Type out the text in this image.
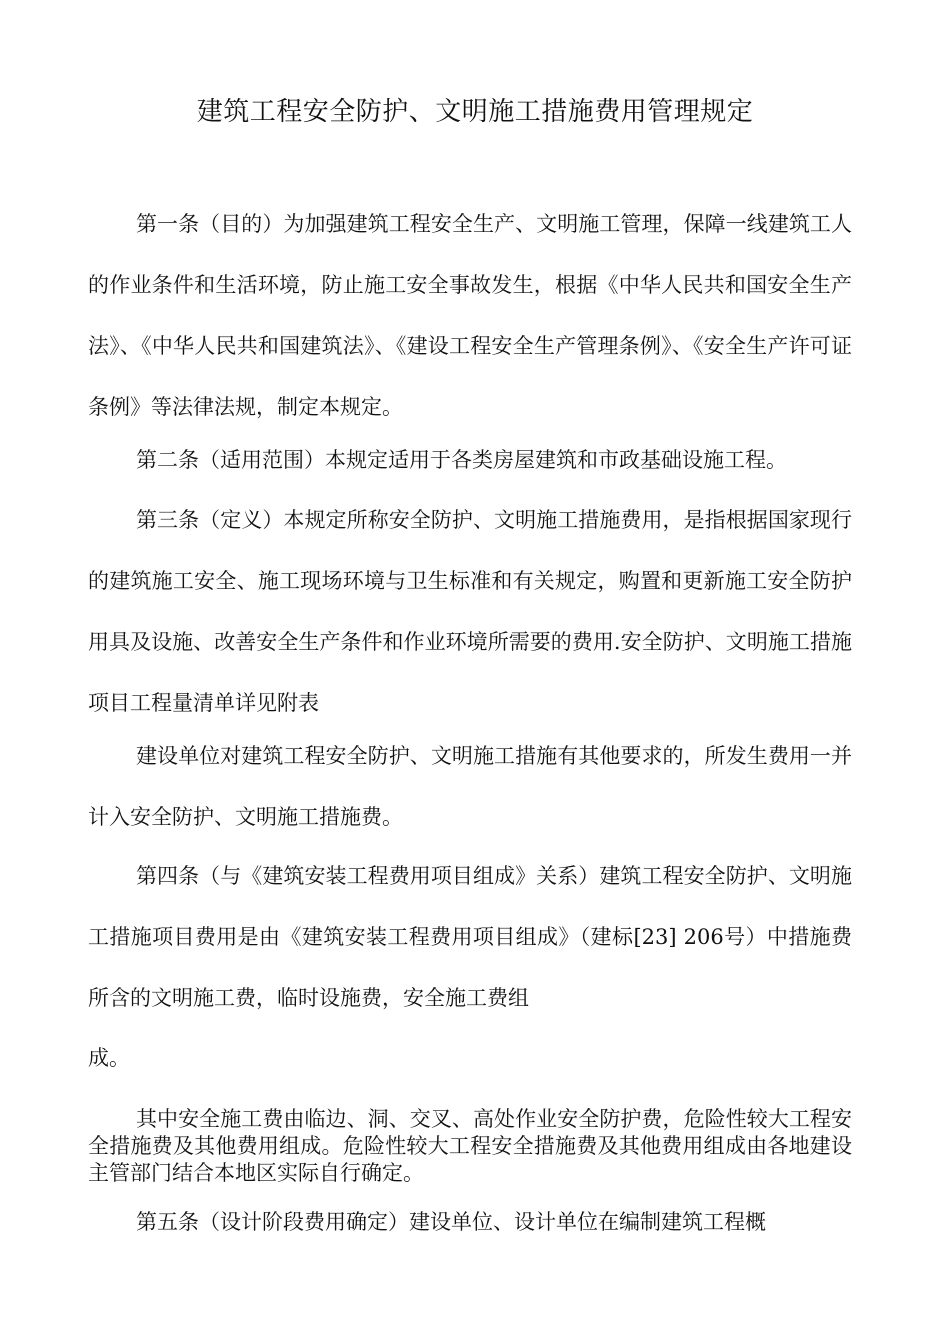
建筑工程安全防护、文明施工措施费用管理规定

第一条（目的）为加强建筑工程安全生产、文明施工管理，保障一线建筑工人的作业条件和生活环境，防止施工安全事故发生，根据《中华人民共和国安全生产法》、《中华人民共和国建筑法》、《建设工程安全生产管理条例》、《安全生产许可证条例》等法律法规，制定本规定。

第二条（适用范围）本规定适用于各类房屋建筑和市政基础设施工程。

第三条（定义）本规定所称安全防护、文明施工措施费用，是指根据国家现行的建筑施工安全、施工现场环境与卫生标准和有关规定，购置和更新施工安全防护用具及设施、改善安全生产条件和作业环境所需要的费用.安全防护、文明施工措施项目工程量清单详见附表

建设单位对建筑工程安全防护、文明施工措施有其他要求的，所发生费用一并计入安全防护、文明施工措施费。

第四条（与《建筑安装工程费用项目组成》关系）建筑工程安全防护、文明施工措施项目费用是由《建筑安装工程费用项目组成》（建标[23] 206号）中措施费所含的文明施工费，临时设施费，安全施工费组

成。

其中安全施工费由临边、洞、交叉、高处作业安全防护费，危险性较大工程安全措施费及其他费用组成。危险性较大工程安全措施费及其他费用组成由各地建设主管部门结合本地区实际自行确定。

第五条（设计阶段费用确定）建设单位、设计单位在编制建筑工程概
